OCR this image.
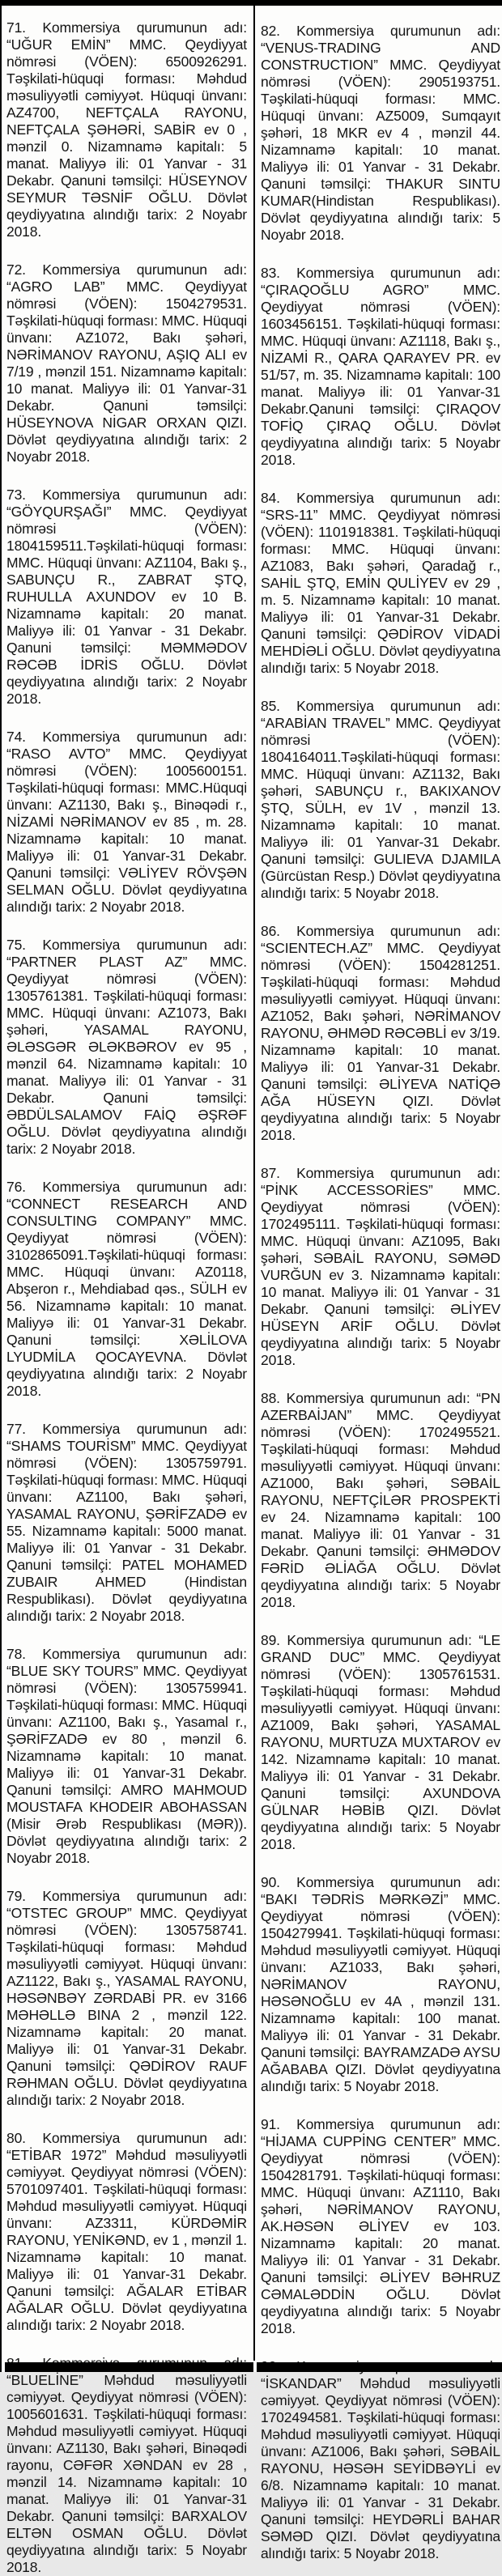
71. Kommersiya qurumunun adı: “UĞUR EMİN” MMC. Qeydiyyat nömrəsi (VÖEN): 6500926291. Təşkilati-hüquqi forması: Məhdud məsuliyyətli cəmiyyət. Hüquqi ünvanı: AZ4700, NEFTÇALA RAYONU, NEFTÇALA ŞƏHƏRİ, SABİR ev 0 , mənzil 0. Nizamnamə kapitalı: 5 manat. Maliyyə ili: 01 Yanvar - 31 Dekabr. Qanuni təmsilçi: HÜSEYNOV SEYMUR TƏSNİF OĞLU. Dövlət qeydiyyatına alındığı tarix: 2 Noyabr 2018.

72. Kommersiya qurumunun adı: “AGRO LAB” MMC. Qeydiyyat nömrəsi (VÖEN): 1504279531. Təşkilati-hüquqi forması: MMC. Hüquqi ünvanı: AZ1072, Bakı şəhəri, NƏRİMANOV RAYONU, AŞIQ ALI ev 7/19 , mənzil 151. Nizamnamə kapitalı: 10 manat. Maliyyə ili: 01 Yanvar-31 Dekabr. Qanuni təmsilçi: HÜSEYNOVA NİGAR ORXAN QIZI. Dövlət qeydiyyatına alındığı tarix: 2 Noyabr 2018.

73. Kommersiya qurumunun adı: “GÖYQURŞAĞI” MMC. Qeydiyyat nömrəsi (VÖEN): 1804159511.Təşkilati-hüquqi forması: MMC. Hüquqi ünvanı: AZ1104, Bakı ş., SABUNÇU R., ZABRAT ŞTQ, RUHULLA AXUNDOV ev 10 B. Nizamnamə kapitalı: 20 manat. Maliyyə ili: 01 Yanvar - 31 Dekabr. Qanuni təmsilçi: MƏMMƏDOV RƏCƏB İDRİS OĞLU. Dövlət qeydiyyatına alındığı tarix: 2 Noyabr 2018.

74. Kommersiya qurumunun adı: “RASO AVTO” MMC. Qeydiyyat nömrəsi (VÖEN): 1005600151. Təşkilati-hüquqi forması: MMC.Hüquqi ünvanı: AZ1130, Bakı ş., Binəqədi r., NİZAMİ NƏRİMANOV ev 85 , m. 28. Nizamnamə kapitalı: 10 manat. Maliyyə ili: 01 Yanvar-31 Dekabr. Qanuni təmsilçi: VƏLİYEV RÖVŞƏN SELMAN OĞLU. Dövlət qeydiyyatına alındığı tarix: 2 Noyabr 2018.

75. Kommersiya qurumunun adı: “PARTNER PLAST AZ” MMC. Qeydiyyat nömrəsi (VÖEN): 1305761381. Təşkilati-hüquqi forması: MMC. Hüquqi ünvanı: AZ1073, Bakı şəhəri, YASAMAL RAYONU, ƏLƏSGƏR ƏLƏKBƏROV ev 95 , mənzil 64. Nizamnamə kapitalı: 10 manat. Maliyyə ili: 01 Yanvar - 31 Dekabr. Qanuni təmsilçi: ƏBDÜLSALAMOV FAİQ ƏŞRƏF OĞLU. Dövlət qeydiyyatına alındığı tarix: 2 Noyabr 2018.

76. Kommersiya qurumunun adı: “CONNECT RESEARCH AND CONSULTING COMPANY” MMC. Qeydiyyat nömrəsi (VÖEN): 3102865091.Təşkilati-hüquqi forması: MMC. Hüquqi ünvanı: AZ0118, Abşeron r., Mehdiabad qəs., SÜLH ev 56. Nizamnamə kapitalı: 10 manat. Maliyyə ili: 01 Yanvar-31 Dekabr. Qanuni təmsilçi: XƏLİLOVA LYUDMİLA QOCAYEVNA. Dövlət qeydiyyatına alındığı tarix: 2 Noyabr 2018.

77. Kommersiya qurumunun adı: “SHAMS TOURİSM” MMC. Qeydiyyat nömrəsi (VÖEN): 1305759791. Təşkilati-hüquqi forması: MMC. Hüquqi ünvanı: AZ1100, Bakı şəhəri, YASAMAL RAYONU, ŞƏRİFZADƏ ev 55. Nizamnamə kapitalı: 5000 manat. Maliyyə ili: 01 Yanvar - 31 Dekabr. Qanuni təmsilçi: PATEL MOHAMED ZUBAIR AHMED (Hindistan Respublikası). Dövlət qeydiyyatına alındığı tarix: 2 Noyabr 2018.

78. Kommersiya qurumunun adı: “BLUE SKY TOURS” MMC. Qeydiyyat nömrəsi (VÖEN): 1305759941. Təşkilati-hüquqi forması: MMC. Hüquqi ünvanı: AZ1100, Bakı ş., Yasamal r., ŞƏRİFZADƏ ev 80 , mənzil 6. Nizamnamə kapitalı: 10 manat. Maliyyə ili: 01 Yanvar-31 Dekabr. Qanuni təmsilçi: AMRO MAHMOUD MOUSTAFA KHODEIR ABOHASSAN (Misir Ərəb Respublikası (MƏR)). Dövlət qeydiyyatına alındığı tarix: 2 Noyabr 2018.

79. Kommersiya qurumunun adı: “OTSTEC GROUP” MMC. Qeydiyyat nömrəsi (VÖEN): 1305758741. Təşkilati-hüquqi forması: Məhdud məsuliyyətli cəmiyyət. Hüquqi ünvanı: AZ1122, Bakı ş., YASAMAL RAYONU, HƏSƏNBƏY ZƏRDABİ PR. ev 3166 MƏHƏLLƏ BINA 2 , mənzil 122. Nizamnamə kapitalı: 20 manat. Maliyyə ili: 01 Yanvar-31 Dekabr. Qanuni təmsilçi: QƏDİROV RAUF RƏHMAN OĞLU. Dövlət qeydiyyatına alındığı tarix: 2 Noyabr 2018.

80. Kommersiya qurumunun adı: “ETİBAR 1972” Məhdud məsuliyyətli cəmiyyət. Qeydiyyat nömrəsi (VÖEN): 5701097401. Təşkilati-hüquqi forması: Məhdud məsuliyyətli cəmiyyət. Hüquqi ünvanı: AZ3311, KÜRDƏMİR RAYONU, YENİKƏND, ev 1 , mənzil 1. Nizamnamə kapitalı: 10 manat. Maliyyə ili: 01 Yanvar-31 Dekabr. Qanuni təmsilçi: AĞALAR ETİBAR AĞALAR OĞLU. Dövlət qeydiyyatına alındığı tarix: 2 Noyabr 2018.

“BLUELİNE” Məhdud məsuliyyətli cəmiyyət. Qeydiyyat nömrəsi (VÖEN): 1005601631. Təşkilati-hüquqi forması: Məhdud məsuliyyətli cəmiyyət. Hüquqi ünvanı: AZ1130, Bakı şəhəri, Binəqədi rayonu, CƏFƏR XƏNDAN ev 28 , mənzil 14. Nizamnamə kapitalı: 10 manat. Maliyyə ili: 01 Yanvar-31 Dekabr. Qanuni təmsilçi: BARXALOV ELTƏN OSMAN OĞLU. Dövlət qeydiyyatına alındığı tarix: 5 Noyabr 2018.

82. Kommersiya qurumunun adı: “VENUS-TRADING AND CONSTRUCTION” MMC. Qeydiyyat nömrəsi (VÖEN): 2905193751. Təşkilati-hüquqi forması: MMC. Hüquqi ünvanı: AZ5009, Sumqayıt şəhəri, 18 MKR ev 4 , mənzil 44. Nizamnamə kapitalı: 10 manat. Maliyyə ili: 01 Yanvar - 31 Dekabr. Qanuni təmsilçi: THAKUR SINTU KUMAR(Hindistan Respublikası). Dövlət qeydiyyatına alındığı tarix: 5 Noyabr 2018.

83. Kommersiya qurumunun adı: “ÇIRAQOĞLU AGRO” MMC. Qeydiyyat nömrəsi (VÖEN): 1603456151. Təşkilati-hüquqi forması: MMC. Hüquqi ünvanı: AZ1118, Bakı ş., NİZAMİ R., QARA QARAYEV PR. ev 51/57, m. 35. Nizamnamə kapitalı: 100 manat. Maliyyə ili: 01 Yanvar-31 Dekabr.Qanuni təmsilçi: ÇIRAQOV TOFİQ ÇIRAQ OĞLU. Dövlət qeydiyyatına alındığı tarix: 5 Noyabr 2018.

84. Kommersiya qurumunun adı: “SRS-11” MMC. Qeydiyyat nömrəsi (VÖEN): 1101918381. Təşkilati-hüquqi forması: MMC. Hüquqi ünvanı: AZ1083, Bakı şəhəri, Qaradağ r., SAHİL ŞTQ, EMİN QULİYEV ev 29 , m. 5. Nizamnamə kapitalı: 10 manat. Maliyyə ili: 01 Yanvar-31 Dekabr. Qanuni təmsilçi: QƏDİROV VİDADİ MEHDİƏLİ OĞLU. Dövlət qeydiyyatına alındığı tarix: 5 Noyabr 2018.

85. Kommersiya qurumunun adı: “ARABİAN TRAVEL” MMC. Qeydiyyat nömrəsi (VÖEN): 1804164011.Təşkilati-hüquqi forması: MMC. Hüquqi ünvanı: AZ1132, Bakı şəhəri, SABUNÇU r., BAKIXANOV ŞTQ, SÜLH, ev 1V , mənzil 13. Nizamnamə kapitalı: 10 manat. Maliyyə ili: 01 Yanvar-31 Dekabr. Qanuni təmsilçi: GULIEVA DJAMILA (Gürcüstan Resp.) Dövlət qeydiyyatına alındığı tarix: 5 Noyabr 2018.

86. Kommersiya qurumunun adı: “SCIENTECH.AZ” MMC. Qeydiyyat nömrəsi (VÖEN): 1504281251. Təşkilati-hüquqi forması: Məhdud məsuliyyətli cəmiyyət. Hüquqi ünvanı: AZ1052, Bakı şəhəri, NƏRİMANOV RAYONU, ƏHMƏD RƏCƏBLİ ev 3/19. Nizamnamə kapitalı: 10 manat. Maliyyə ili: 01 Yanvar-31 Dekabr. Qanuni təmsilçi: ƏLİYEVA NATİQƏ AĞA HÜSEYN QIZI. Dövlət qeydiyyatına alındığı tarix: 5 Noyabr 2018.

87. Kommersiya qurumunun adı: “PİNK ACCESSORİES” MMC. Qeydiyyat nömrəsi (VÖEN): 1702495111. Təşkilati-hüquqi forması: MMC. Hüquqi ünvanı: AZ1095, Bakı şəhəri, SƏBAİL RAYONU, SƏMƏD VURĞUN ev 3. Nizamnamə kapitalı: 10 manat. Maliyyə ili: 01 Yanvar - 31 Dekabr. Qanuni təmsilçi: ƏLİYEV HÜSEYN ARİF OĞLU. Dövlət qeydiyyatına alındığı tarix: 5 Noyabr 2018.

88. Kommersiya qurumunun adı: “PN AZERBAİJAN” MMC. Qeydiyyat nömrəsi (VÖEN): 1702495521. Təşkilati-hüquqi forması: Məhdud məsuliyyətli cəmiyyət. Hüquqi ünvanı: AZ1000, Bakı şəhəri, SƏBAİL RAYONU, NEFTÇİLƏR PROSPEKTİ ev 24. Nizamnamə kapitalı: 100 manat. Maliyyə ili: 01 Yanvar - 31 Dekabr. Qanuni təmsilçi: ƏHMƏDOV FƏRİD ƏLİAĞA OĞLU. Dövlət qeydiyyatına alındığı tarix: 5 Noyabr 2018.

89. Kommersiya qurumunun adı: “LE GRAND DUC” MMC. Qeydiyyat nömrəsi (VÖEN): 1305761531. Təşkilati-hüquqi forması: Məhdud məsuliyyətli cəmiyyət. Hüquqi ünvanı: AZ1009, Bakı şəhəri, YASAMAL RAYONU, MURTUZA MUXTAROV ev 142. Nizamnamə kapitalı: 10 manat. Maliyyə ili: 01 Yanvar - 31 Dekabr. Qanuni təmsilçi: AXUNDOVA GÜLNAR HƏBİB QIZI. Dövlət qeydiyyatına alındığı tarix: 5 Noyabr 2018.

90. Kommersiya qurumunun adı: “BAKI TƏDRİS MƏRKƏZİ” MMC. Qeydiyyat nömrəsi (VÖEN): 1504279941. Təşkilati-hüquqi forması: Məhdud məsuliyyətli cəmiyyət. Hüquqi ünvanı: AZ1033, Bakı şəhəri, NƏRİMANOV RAYONU, HƏSƏNOĞLU ev 4A , mənzil 131. Nizamnamə kapitalı: 100 manat. Maliyyə ili: 01 Yanvar - 31 Dekabr. Qanuni təmsilçi: BAYRAMZADƏ AYSU AĞABABA QIZI. Dövlət qeydiyyatına alındığı tarix: 5 Noyabr 2018.

91. Kommersiya qurumunun adı: “HİJAMA CUPPİNG CENTER” MMC. Qeydiyyat nömrəsi (VÖEN): 1504281791. Təşkilati-hüquqi forması: MMC. Hüquqi ünvanı: AZ1110, Bakı şəhəri, NƏRİMANOV RAYONU, AK.HƏSƏN ƏLİYEV ev 103. Nizamnamə kapitalı: 20 manat. Maliyyə ili: 01 Yanvar - 31 Dekabr. Qanuni təmsilçi: ƏLİYEV BƏHRUZ CƏMALƏDDİN OĞLU. Dövlət qeydiyyatına alındığı tarix: 5 Noyabr 2018.

“İSKANDAR” Məhdud məsuliyyətli cəmiyyət. Qeydiyyat nömrəsi (VÖEN): 1702494581. Təşkilati-hüquqi forması: Məhdud məsuliyyətli cəmiyyət. Hüquqi ünvanı: AZ1006, Bakı şəhəri, SƏBAİL RAYONU, HƏSƏH SEYİDBƏYLİ ev 6/8. Nizamnamə kapitalı: 10 manat. Maliyyə ili: 01 Yanvar - 31 Dekabr. Qanuni təmsilçi: HEYDƏRLİ BAHAR SƏMƏD QIZI. Dövlət qeydiyyatına alındığı tarix: 5 Noyabr 2018.
